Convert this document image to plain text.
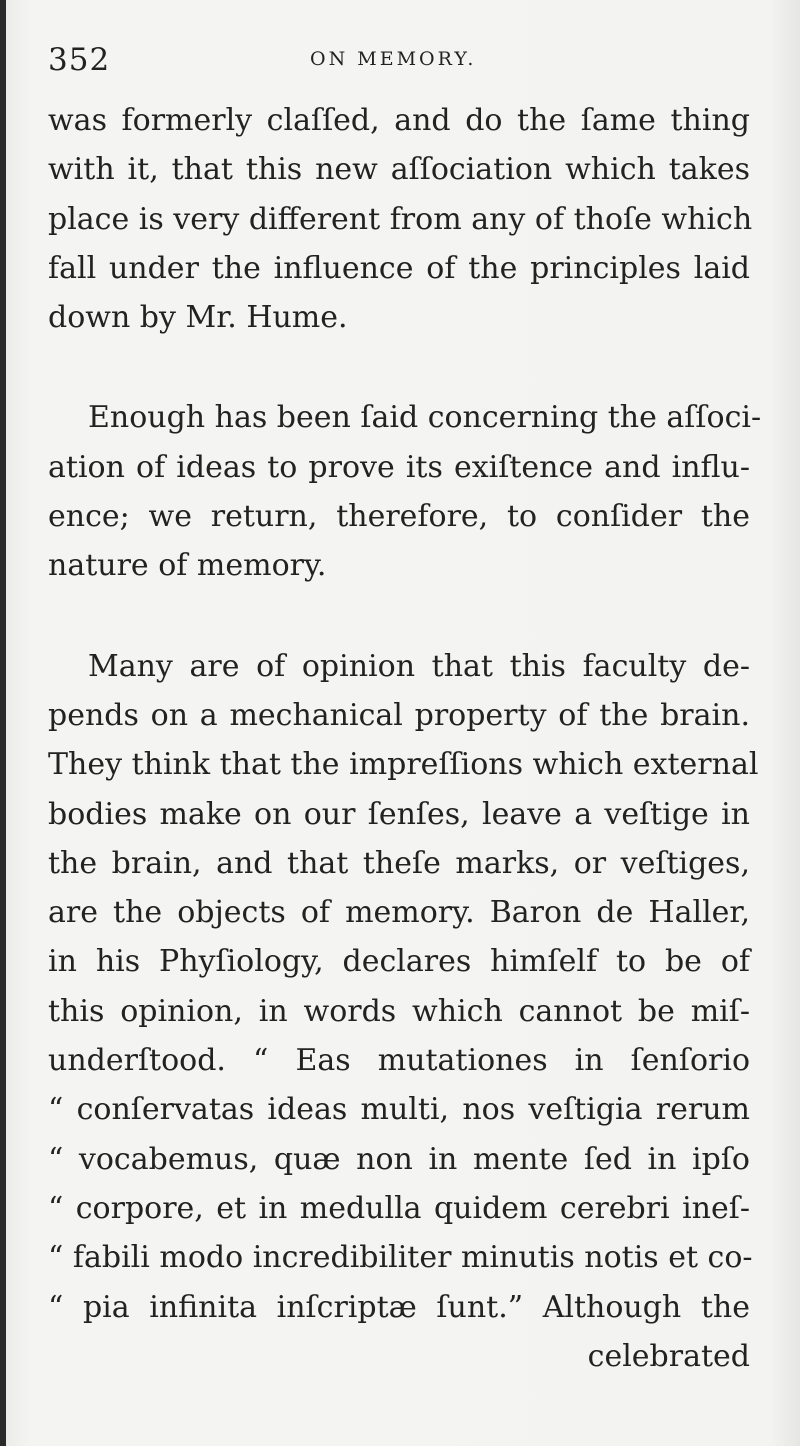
352	ON MEMORY.
was formerly claſſed, and do the ſame thing
with it, that this new aſſociation which takes
place is very different from any of thoſe which
fall under the influence of the principles laid
down by Mr. Hume.
Enough has been ſaid concerning the aſſoci-
ation of ideas to prove its exiſtence and influ-
ence; we return, therefore, to conſider the
nature of memory.
Many are of opinion that this faculty de-
pends on a mechanical property of the brain.
They think that the impreſſions which external
bodies make on our ſenſes, leave a veſtige in
the brain, and that theſe marks, or veſtiges,
are the objects of memory. Baron de Haller,
in his Phyſiology, declares himſelf to be of
this opinion, in words which cannot be miſ-
underſtood. “ Eas mutationes in ſenſorio
“ conſervatas ideas multi, nos veſtigia rerum
“ vocabemus, quæ non in mente ſed in ipſo
“ corpore, et in medulla quidem cerebri ineſ-
“ fabili modo incredibiliter minutis notis et co-
“ pia infinita inſcriptæ ſunt.” Although the
celebrated
